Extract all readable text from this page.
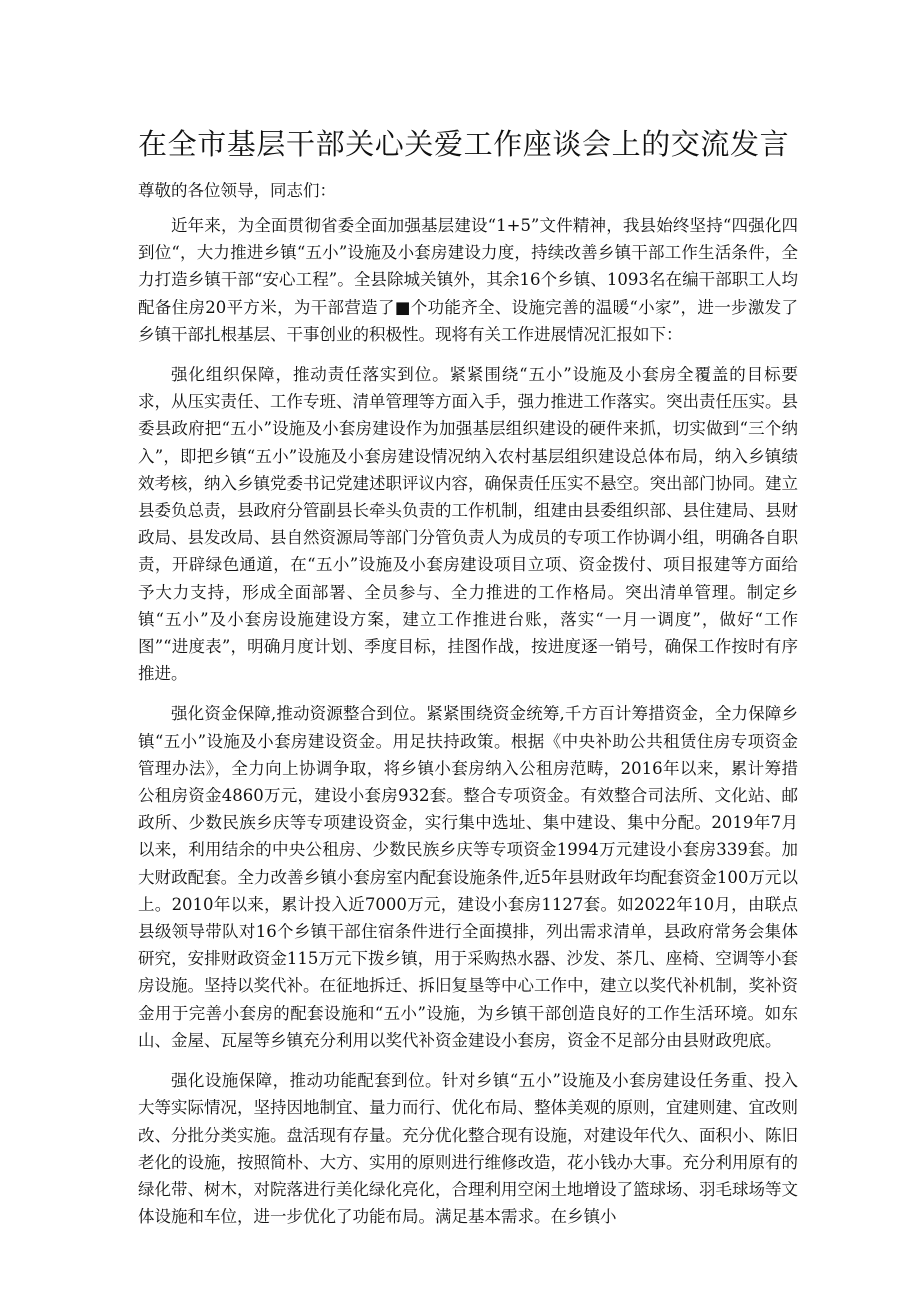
在全市基层干部关心关爱工作座谈会上的交流发言

尊敬的各位领导，同志们：

近年来，为全面贯彻省委全面加强基层建设“1+5”文件精神，我县始终坚持“四强化四到位“，大力推进乡镇“五小”设施及小套房建设力度，持续改善乡镇干部工作生活条件，全力打造乡镇干部“安心工程”。全县除城关镇外，其余16个乡镇、1093名在编干部职工人均配备住房20平方米，为干部营造了■个功能齐全、设施完善的温暖“小家”，进一步激发了乡镇干部扎根基层、干事创业的积极性。现将有关工作进展情况汇报如下：

强化组织保障，推动责任落实到位。紧紧围绕“五小”设施及小套房全覆盖的目标要求，从压实责任、工作专班、清单管理等方面入手，强力推进工作落实。突出责任压实。县委县政府把“五小”设施及小套房建设作为加强基层组织建设的硬件来抓，切实做到“三个纳入”，即把乡镇“五小”设施及小套房建设情况纳入农村基层组织建设总体布局，纳入乡镇绩效考核，纳入乡镇党委书记党建述职评议内容，确保责任压实不悬空。突出部门协同。建立县委负总责，县政府分管副县长牵头负责的工作机制，组建由县委组织部、县住建局、县财政局、县发改局、县自然资源局等部门分管负责人为成员的专项工作协调小组，明确各自职责，开辟绿色通道，在“五小”设施及小套房建设项目立项、资金拨付、项目报建等方面给予大力支持，形成全面部署、全员参与、全力推进的工作格局。突出清单管理。制定乡镇“五小”及小套房设施建设方案，建立工作推进台账，落实“一月一调度”，做好“工作图”“进度表”，明确月度计划、季度目标，挂图作战，按进度逐一销号，确保工作按时有序推进。

强化资金保障,推动资源整合到位。紧紧围绕资金统筹,千方百计筹措资金，全力保障乡镇“五小”设施及小套房建设资金。用足扶持政策。根据《中央补助公共租赁住房专项资金管理办法》，全力向上协调争取，将乡镇小套房纳入公租房范畴，2016年以来，累计筹措公租房资金4860万元，建设小套房932套。整合专项资金。有效整合司法所、文化站、邮政所、少数民族乡庆等专项建设资金，实行集中选址、集中建设、集中分配。2019年7月以来，利用结余的中央公租房、少数民族乡庆等专项资金1994万元建设小套房339套。加大财政配套。全力改善乡镇小套房室内配套设施条件,近5年县财政年均配套资金100万元以上。2010年以来，累计投入近7000万元，建设小套房1127套。如2022年10月，由联点县级领导带队对16个乡镇干部住宿条件进行全面摸排，列出需求清单，县政府常务会集体研究，安排财政资金115万元下拨乡镇，用于采购热水器、沙发、茶几、座椅、空调等小套房设施。坚持以奖代补。在征地拆迁、拆旧复垦等中心工作中，建立以奖代补机制，奖补资金用于完善小套房的配套设施和“五小”设施，为乡镇干部创造良好的工作生活环境。如东山、金屋、瓦屋等乡镇充分利用以奖代补资金建设小套房，资金不足部分由县财政兜底。

强化设施保障，推动功能配套到位。针对乡镇“五小”设施及小套房建设任务重、投入大等实际情况，坚持因地制宜、量力而行、优化布局、整体美观的原则，宜建则建、宜改则改、分批分类实施。盘活现有存量。充分优化整合现有设施，对建设年代久、面积小、陈旧老化的设施，按照简朴、大方、实用的原则进行维修改造，花小钱办大事。充分利用原有的绿化带、树木，对院落进行美化绿化亮化，合理利用空闲土地增设了篮球场、羽毛球场等文体设施和车位，进一步优化了功能布局。满足基本需求。在乡镇小
